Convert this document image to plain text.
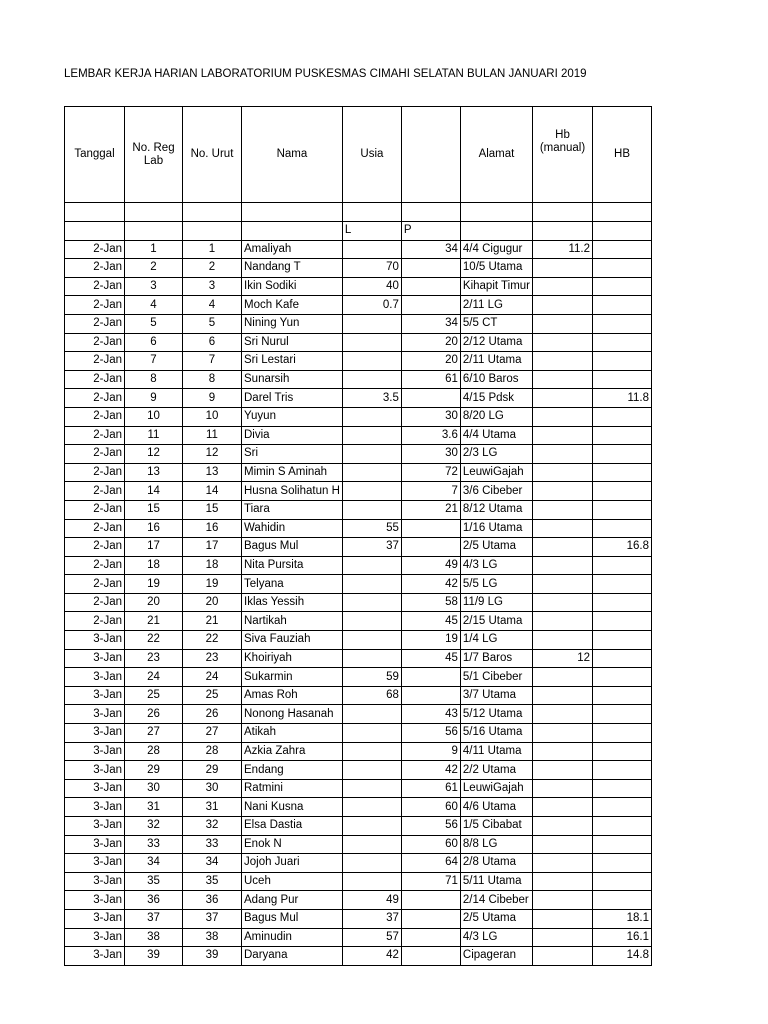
LEMBAR KERJA HARIAN LABORATORIUM PUSKESMAS CIMAHI SELATAN BULAN JANUARI 2019
Tanggal	No. Reg Lab	No. Urut	Nama	Usia		Alamat	Hb (manual)	HB

				L	P			
2-Jan	1	1	Amaliyah		34	4/4 Cigugur	11.2	
2-Jan	2	2	Nandang T	70		10/5 Utama		
2-Jan	3	3	Ikin Sodiki	40		Kihapit Timur		
2-Jan	4	4	Moch Kafe	0.7		2/11 LG		
2-Jan	5	5	Nining Yun		34	5/5 CT		
2-Jan	6	6	Sri Nurul		20	2/12 Utama		
2-Jan	7	7	Sri Lestari		20	2/11 Utama		
2-Jan	8	8	Sunarsih		61	6/10 Baros		
2-Jan	9	9	Darel Tris	3.5		4/15 Pdsk		11.8
2-Jan	10	10	Yuyun		30	8/20 LG		
2-Jan	11	11	Divia		3.6	4/4 Utama		
2-Jan	12	12	Sri		30	2/3 LG		
2-Jan	13	13	Mimin S Aminah		72	LeuwiGajah		
2-Jan	14	14	Husna Solihatun H		7	3/6 Cibeber		
2-Jan	15	15	Tiara		21	8/12 Utama		
2-Jan	16	16	Wahidin	55		1/16 Utama		
2-Jan	17	17	Bagus Mul	37		2/5 Utama		16.8
2-Jan	18	18	Nita Pursita		49	4/3 LG		
2-Jan	19	19	Telyana		42	5/5 LG		
2-Jan	20	20	Iklas Yessih		58	11/9 LG		
2-Jan	21	21	Nartikah		45	2/15 Utama		
3-Jan	22	22	Siva Fauziah		19	1/4 LG		
3-Jan	23	23	Khoiriyah		45	1/7 Baros	12	
3-Jan	24	24	Sukarmin	59		5/1 Cibeber		
3-Jan	25	25	Amas Roh	68		3/7 Utama		
3-Jan	26	26	Nonong Hasanah		43	5/12 Utama		
3-Jan	27	27	Atikah		56	5/16 Utama		
3-Jan	28	28	Azkia Zahra		9	4/11 Utama		
3-Jan	29	29	Endang		42	2/2 Utama		
3-Jan	30	30	Ratmini		61	LeuwiGajah		
3-Jan	31	31	Nani Kusna		60	4/6 Utama		
3-Jan	32	32	Elsa Dastia		56	1/5 Cibabat		
3-Jan	33	33	Enok N		60	8/8 LG		
3-Jan	34	34	Jojoh Juari		64	2/8 Utama		
3-Jan	35	35	Uceh		71	5/11 Utama		
3-Jan	36	36	Adang Pur	49		2/14 Cibeber		
3-Jan	37	37	Bagus Mul	37		2/5 Utama		18.1
3-Jan	38	38	Aminudin	57		4/3 LG		16.1
3-Jan	39	39	Daryana	42		Cipageran		14.8
